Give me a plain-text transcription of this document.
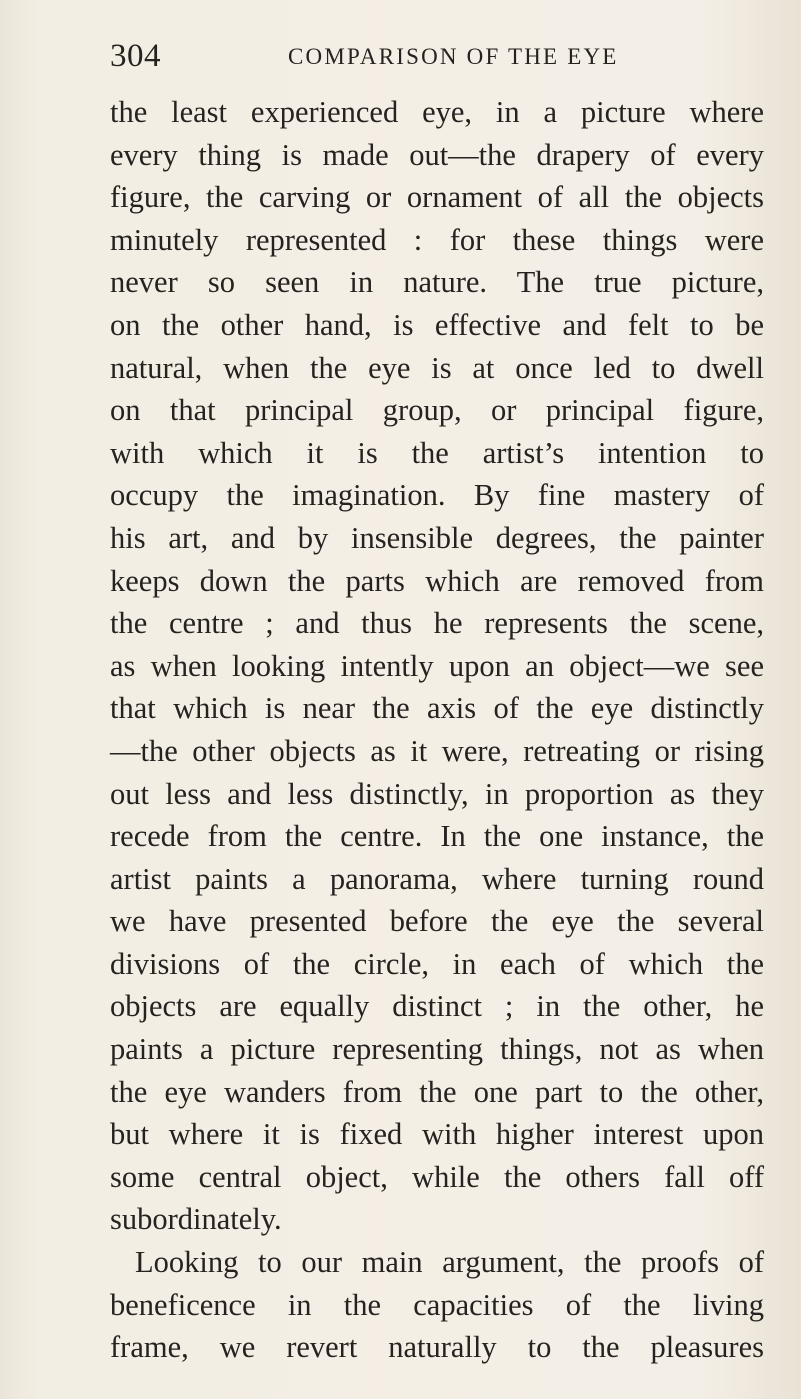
304	COMPARISON OF THE EYE
the least experienced eye, in a picture where
every thing is made out—the drapery of every
figure, the carving or ornament of all the objects
minutely represented : for these things were
never so seen in nature. The true picture,
on the other hand, is effective and felt to be
natural, when the eye is at once led to dwell
on that principal group, or principal figure,
with which it is the artist’s intention to
occupy the imagination. By fine mastery of
his art, and by insensible degrees, the painter
keeps down the parts which are removed from
the centre ; and thus he represents the scene,
as when looking intently upon an object—we see
that which is near the axis of the eye distinctly
—the other objects as it were, retreating or rising
out less and less distinctly, in proportion as they
recede from the centre. In the one instance, the
artist paints a panorama, where turning round
we have presented before the eye the several
divisions of the circle, in each of which the
objects are equally distinct ; in the other, he
paints a picture representing things, not as when
the eye wanders from the one part to the other,
but where it is fixed with higher interest upon
some central object, while the others fall off
subordinately.
Looking to our main argument, the proofs of
beneficence in the capacities of the living
frame, we revert naturally to the pleasures
